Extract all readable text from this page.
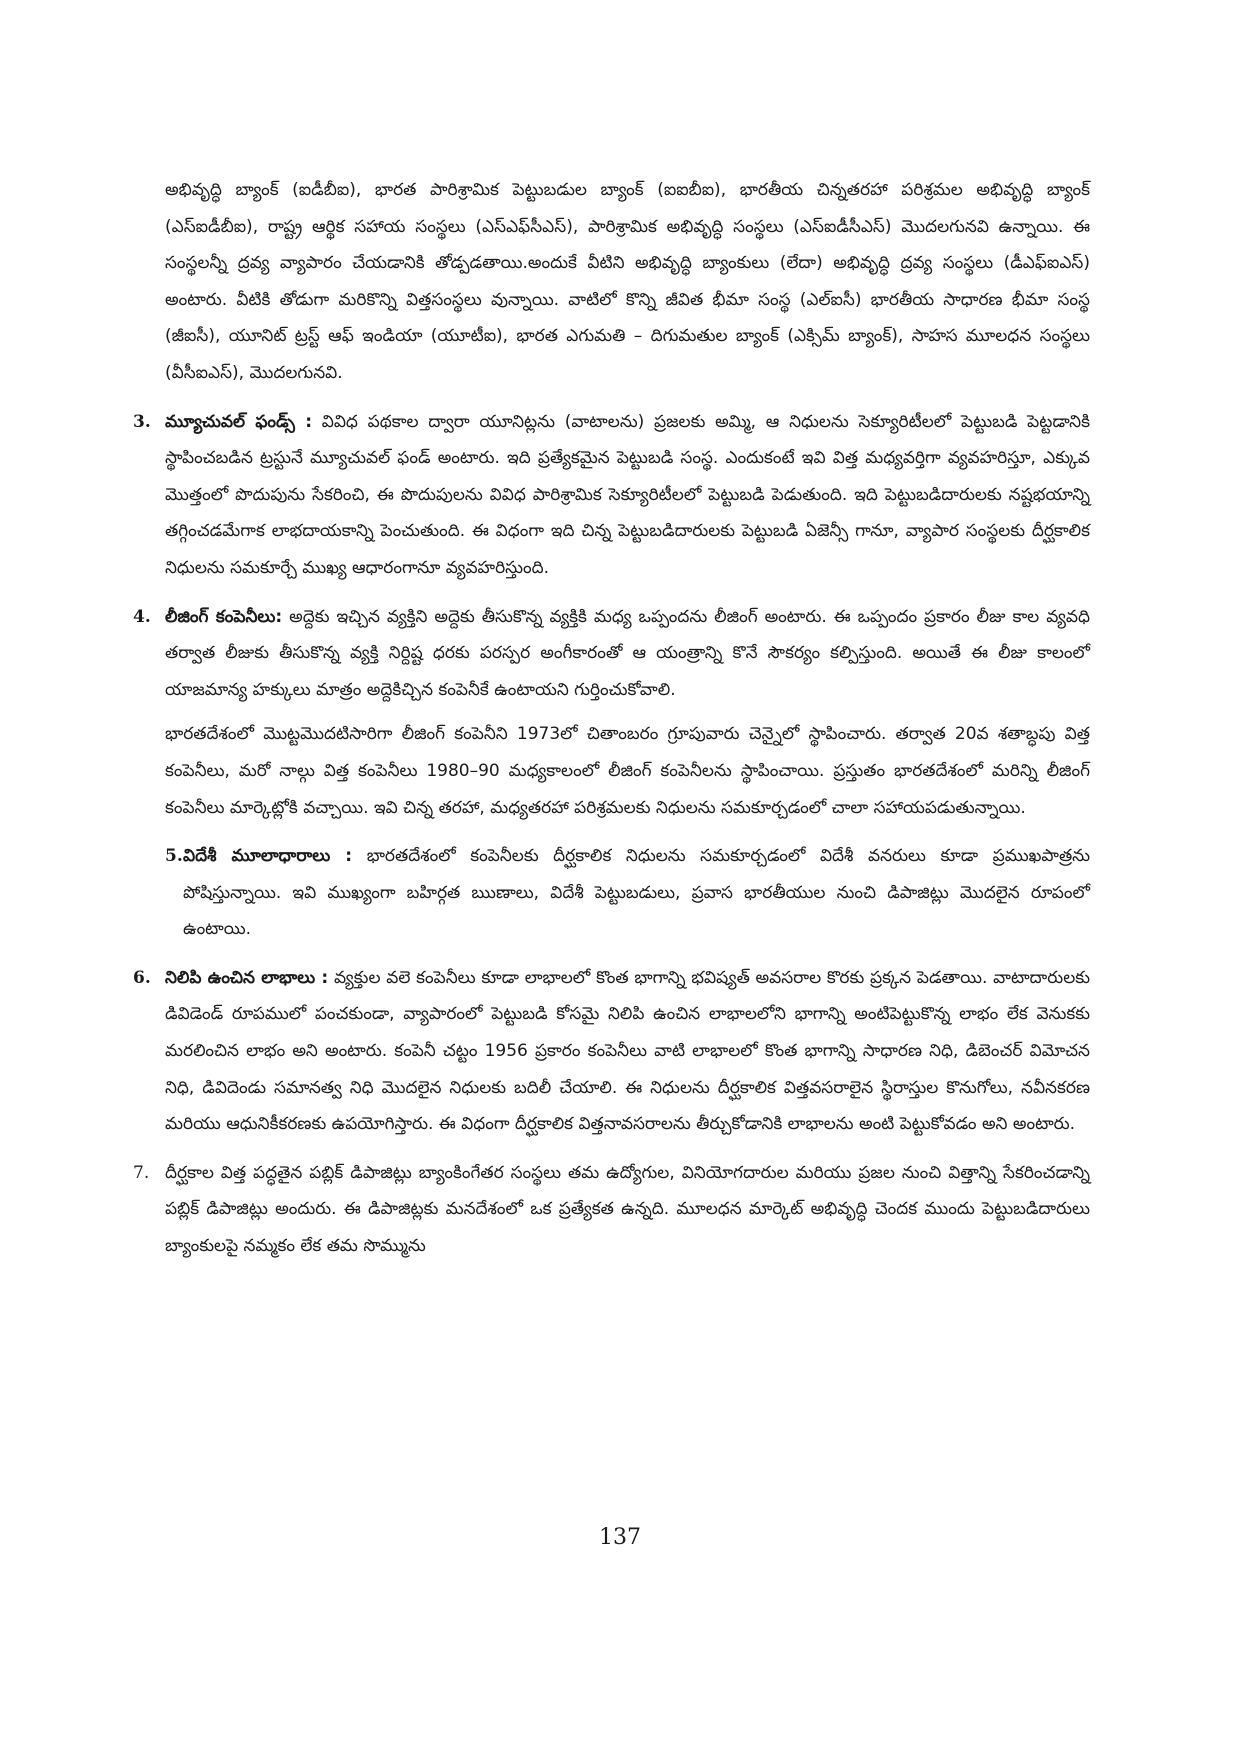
అభివృద్ధి బ్యాంక్ (ఐడీబీఐ), భారత పారిశ్రామిక పెట్టుబడుల బ్యాంక్ (ఐఐబీఐ), భారతీయ చిన్నతరహా పరిశ్రమల అభివృద్ధి బ్యాంక్ (ఎస్ఐడీబీఐ), రాష్ట్ర ఆర్థిక సహాయ సంస్థలు (ఎస్ఎఫ్‌సీఎస్), పారిశ్రామిక అభివృద్ధి సంస్థలు (ఎస్ఐడీసీఎస్) మొదలగునవి ఉన్నాయి. ఈ సంస్థలన్నీ ద్రవ్య వ్యాపారం చేయడానికి తోడ్పడతాయి.అందుకే వీటిని అభివృద్ధి బ్యాంకులు (లేదా) అభివృద్ధి ద్రవ్య సంస్థలు (డీఎఫ్ఐఎస్) అంటారు. వీటికి తోడుగా మరికొన్ని విత్తసంస్థలు వున్నాయి. వాటిలో కొన్ని జీవిత భీమా సంస్థ (ఎల్ఐసీ) భారతీయ సాధారణ భీమా సంస్థ (జీఐసీ), యూనిట్ ట్రస్ట్ ఆఫ్ ఇండియా (యూటీఐ), భారత ఎగుమతి – దిగుమతుల బ్యాంక్ (ఎక్సిమ్ బ్యాంక్), సాహస మూలధన సంస్థలు (వీసీఐఎస్), మొదలగునవి.

3. మ్యూచువల్ ఫండ్స్ : వివిధ పథకాల ద్వారా యూనిట్లను (వాటాలను) ప్రజలకు అమ్మి, ఆ నిధులను సెక్యూరిటీలలో పెట్టుబడి పెట్టడానికి స్థాపించబడిన ట్రస్టునే మ్యూచువల్ ఫండ్ అంటారు. ఇది ప్రత్యేకమైన పెట్టుబడి సంస్థ. ఎందుకంటే ఇవి విత్త మధ్యవర్తిగా వ్యవహరిస్తూ, ఎక్కువ మొత్తంలో పొదుపును సేకరించి, ఈ పొదుపులను వివిధ పారిశ్రామిక సెక్యూరిటీలలో పెట్టుబడి పెడుతుంది. ఇది పెట్టుబడిదారులకు నష్టభయాన్ని తగ్గించడమేగాక లాభదాయకాన్ని పెంచుతుంది. ఈ విధంగా ఇది చిన్న పెట్టుబడిదారులకు పెట్టుబడి ఏజెన్సీ గానూ, వ్యాపార సంస్థలకు దీర్ఘకాలిక నిధులను సమకూర్చే ముఖ్య ఆధారంగానూ వ్యవహరిస్తుంది.
4. లీజింగ్ కంపెనీలు: అద్దెకు ఇచ్చిన వ్యక్తిని అద్దెకు తీసుకొన్న వ్యక్తికి మధ్య ఒప్పందను లీజింగ్ అంటారు. ఈ ఒప్పందం ప్రకారం లీజు కాల వ్యవధి తర్వాత లీజుకు తీసుకొన్న వ్యక్తి నిర్దిష్ట ధరకు పరస్పర అంగీకారంతో ఆ యంత్రాన్ని కొనే సౌకర్యం కల్పిస్తుంది. అయితే ఈ లీజు కాలంలో యాజమాన్య హక్కులు మాత్రం అద్దెకిచ్చిన కంపెనీకే ఉంటాయని గుర్తించుకోవాలి.

భారతదేశంలో మొట్టమొదటిసారిగా లీజింగ్ కంపెనీని 1973లో చితాంబరం గ్రూపువారు చెన్నైలో స్థాపించారు. తర్వాత 20వ శతాబ్ధపు విత్త కంపెనీలు, మరో నాల్గు విత్త కంపెనీలు 1980–90 మధ్యకాలంలో లీజింగ్ కంపెనీలను స్థాపించాయి. ప్రస్తుతం భారతదేశంలో మరిన్ని లీజింగ్ కంపెనీలు మార్కెట్లోకి వచ్చాయి. ఇవి చిన్న తరహా, మధ్యతరహా పరిశ్రమలకు నిధులను సమకూర్చడంలో చాలా సహాయపడుతున్నాయి.

5. విదేశీ మూలాధారాలు : భారతదేశంలో కంపెనీలకు దీర్ఘకాలిక నిధులను సమకూర్చడంలో విదేశీ వనరులు కూడా ప్రముఖపాత్రను పోషిస్తున్నాయి. ఇవి ముఖ్యంగా బహిర్గత ఋణాలు, విదేశీ పెట్టుబడులు, ప్రవాస భారతీయుల నుంచి డిపాజిట్లు మొదలైన రూపంలో ఉంటాయి.
6. నిలిపి ఉంచిన లాభాలు : వ్యక్తుల వలె కంపెనీలు కూడా లాభాలలో కొంత భాగాన్ని భవిష్యత్ అవసరాల కొరకు ప్రక్కన పెడతాయి. వాటాదారులకు డివిడెండ్ రూపములో పంచకుండా, వ్యాపారంలో పెట్టుబడి కోసమై నిలిపి ఉంచిన లాభాలలోని భాగాన్ని అంటిపెట్టుకొన్న లాభం లేక వెనుకకు మరలించిన లాభం అని అంటారు. కంపెనీ చట్టం 1956 ప్రకారం కంపెనీలు వాటి లాభాలలో కొంత భాగాన్ని సాధారణ నిధి, డిబెంచర్ విమోచన నిధి, డివిదెండు సమానత్వ నిధి మొదలైన నిధులకు బదిలీ చేయాలి. ఈ నిధులను దీర్ఘకాలిక విత్తవసరాలైన స్థిరాస్తుల కొనుగోలు, నవీనకరణ మరియు ఆధునికీకరణకు ఉపయోగిస్తారు. ఈ విధంగా దీర్ఘకాలిక విత్తనావసరాలను తీర్చుకోడానికి లాభాలను అంటి పెట్టుకోవడం అని అంటారు.
7. దీర్ఘకాల విత్త పద్ధతైన పబ్లిక్ డిపాజిట్లు బ్యాంకింగేతర సంస్థలు తమ ఉద్యోగుల, వినియోగదారుల మరియు ప్రజల నుంచి విత్తాన్ని సేకరించడాన్ని పబ్లిక్ డిపాజిట్లు అందురు. ఈ డిపాజిట్లకు మనదేశంలో ఒక ప్రత్యేకత ఉన్నది. మూలధన మార్కెట్ అభివృద్ధి చెందక ముందు పెట్టుబడిదారులు బ్యాంకులపై నమ్మకం లేక తమ సొమ్మును
137
